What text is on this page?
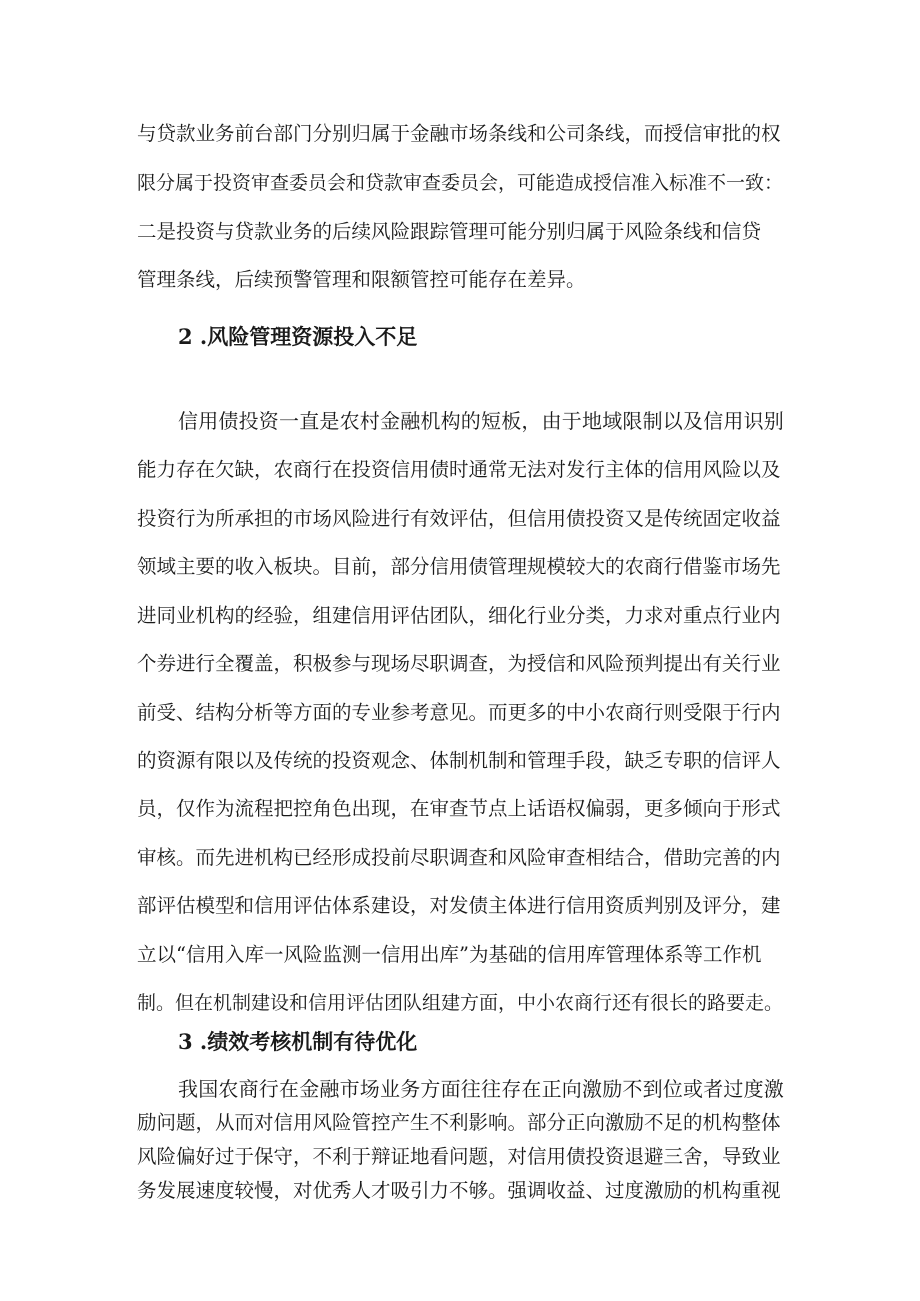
与贷款业务前台部门分别归属于金融市场条线和公司条线，而授信审批的权
限分属于投资审查委员会和贷款审查委员会，可能造成授信准入标准不一致：
二是投资与贷款业务的后续风险跟踪管理可能分别归属于风险条线和信贷
管理条线，后续预警管理和限额管控可能存在差异。
2 .风险管理资源投入不足
信用债投资一直是农村金融机构的短板，由于地域限制以及信用识别
能力存在欠缺，农商行在投资信用债时通常无法对发行主体的信用风险以及
投资行为所承担的市场风险进行有效评估，但信用债投资又是传统固定收益
领域主要的收入板块。目前，部分信用债管理规模较大的农商行借鉴市场先
进同业机构的经验，组建信用评估团队，细化行业分类，力求对重点行业内
个券进行全覆盖，积极参与现场尽职调查，为授信和风险预判提出有关行业
前受、结构分析等方面的专业参考意见。而更多的中小农商行则受限于行内
的资源有限以及传统的投资观念、体制机制和管理手段，缺乏专职的信评人
员，仅作为流程把控角色出现，在审查节点上话语权偏弱，更多倾向于形式
审核。而先进机构已经形成投前尽职调查和风险审查相结合，借助完善的内
部评估模型和信用评估体系建设，对发债主体进行信用资质判别及评分，建
立以“信用入库一风险监测一信用出库”为基础的信用库管理体系等工作机
制。但在机制建设和信用评估团队组建方面，中小农商行还有很长的路要走。
3 .绩效考核机制有待优化
我国农商行在金融市场业务方面往往存在正向激励不到位或者过度激
励问题，从而对信用风险管控产生不利影响。部分正向激励不足的机构整体
风险偏好过于保守，不利于辩证地看问题，对信用债投资退避三舍，导致业
务发展速度较慢，对优秀人才吸引力不够。强调收益、过度激励的机构重视
